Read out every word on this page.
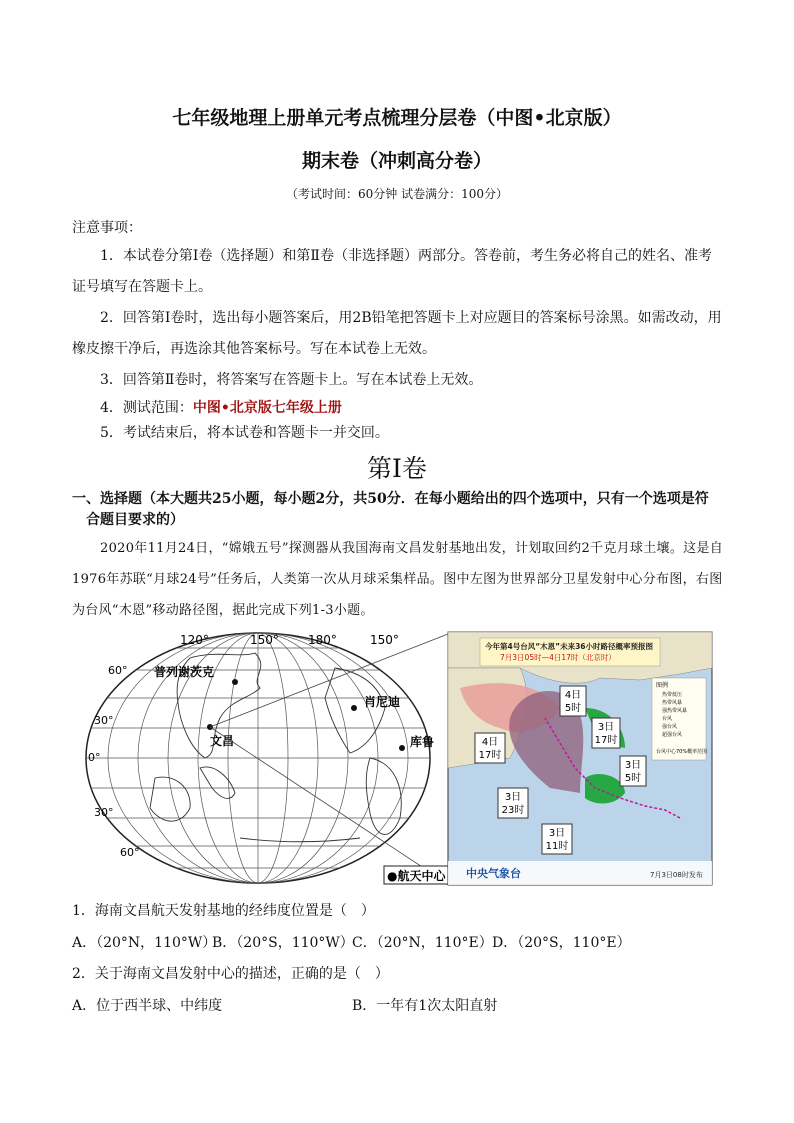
七年级地理上册单元考点梳理分层卷（中图•北京版）
期末卷（冲刺高分卷）
（考试时间：60分钟 试卷满分：100分）
注意事项：
1．本试卷分第Ⅰ卷（选择题）和第Ⅱ卷（非选择题）两部分。答卷前，考生务必将自己的姓名、准考证号填写在答题卡上。
2．回答第Ⅰ卷时，选出每小题答案后，用2B铅笔把答题卡上对应题目的答案标号涂黑。如需改动，用橡皮擦干净后，再选涂其他答案标号。写在本试卷上无效。
3．回答第Ⅱ卷时，将答案写在答题卡上。写在本试卷上无效。
4．测试范围：中图•北京版七年级上册
5．考试结束后，将本试卷和答题卡一并交回。
第Ⅰ卷
一、选择题（本大题共25小题，每小题2分，共50分．在每小题给出的四个选项中，只有一个选项是符
合题目要求的）
2020年11月24日，“嫦娥五号”探测器从我国海南文昌发射基地出发，计划取回约2千克月球土壤。这是自1976年苏联“月球24号”任务后，人类第一次从月球采集样品。图中左图为世界部分卫星发射中心分布图，右图为台风“木恩”移动路径图，据此完成下列1-3小题。
120°	150° 180°	150°
60°
30°
0°
30°
60°
普列谢茨克
肖尼迪
文昌	库鲁
●航天中心
今年第4号台风“木恩”未来36小时路径概率预报图
7月3日05时—4日17时（北京时）
4日
5时
3日
17时
4日
17时
3日
5时
3日
23时
3日
11时
图例
热带低压
热带风暴
强热带风暴
台风
强台风
超强台风
台风中心70%概率范围
中央气象台	7月3日08时发布
1．海南文昌航天发射基地的经纬度位置是（　）
A．（20°N，110°W）
B．（20°S，110°W）
C．（20°N，110°E） D．（20°S，110°E）
2．关于海南文昌发射中心的描述，正确的是（　）
A．位于西半球、中纬度	B．一年有1次太阳直射
